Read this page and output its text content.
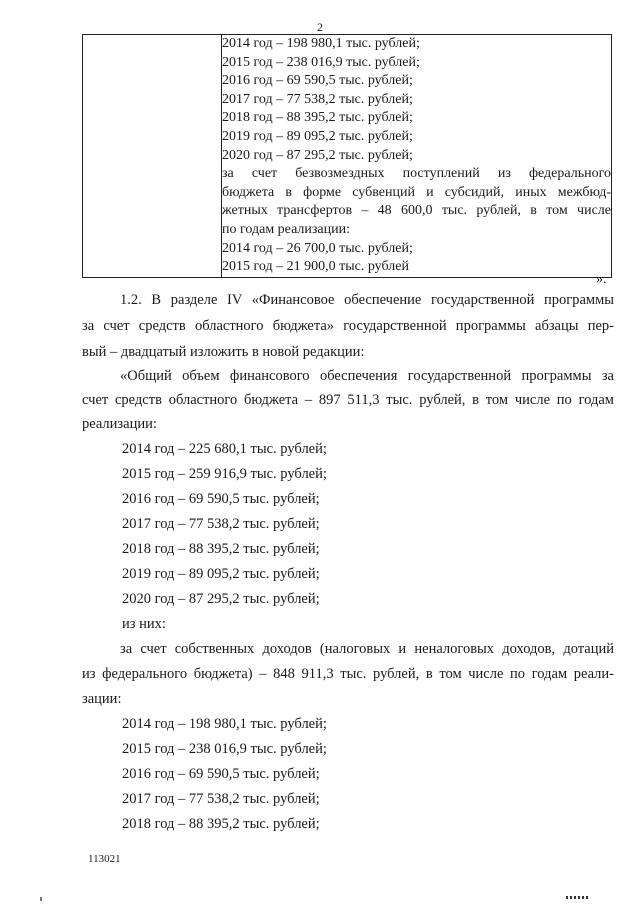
2

2014 год – 198 980,1 тыс. рублей;
2015 год – 238 016,9 тыс. рублей;
2016 год – 69 590,5 тыс. рублей;
2017 год – 77 538,2 тыс. рублей;
2018 год – 88 395,2 тыс. рублей;
2019 год – 89 095,2 тыс. рублей;
2020 год – 87 295,2 тыс. рублей;
за счет безвозмездных поступлений из федерального
бюджета в форме субвенций и субсидий, иных межбюд-
жетных трансфертов – 48 600,0 тыс. рублей, в том числе
по годам реализации:
2014 год – 26 700,0 тыс. рублей;
2015 год – 21 900,0 тыс. рублей
».
1.2. В разделе IV «Финансовое обеспечение государственной программы
за счет средств областного бюджета» государственной программы абзацы пер-
вый – двадцатый изложить в новой редакции:
«Общий объем финансового обеспечения государственной программы за
счет средств областного бюджета – 897 511,3 тыс. рублей, в том числе по годам
реализации:
2014 год – 225 680,1 тыс. рублей;
2015 год – 259 916,9 тыс. рублей;
2016 год – 69 590,5 тыс. рублей;
2017 год – 77 538,2 тыс. рублей;
2018 год – 88 395,2 тыс. рублей;
2019 год – 89 095,2 тыс. рублей;
2020 год – 87 295,2 тыс. рублей;
из них:
за счет собственных доходов (налоговых и неналоговых доходов, дотаций
из федерального бюджета) – 848 911,3 тыс. рублей, в том числе по годам реали-
зации:
2014 год – 198 980,1 тыс. рублей;
2015 год – 238 016,9 тыс. рублей;
2016 год – 69 590,5 тыс. рублей;
2017 год – 77 538,2 тыс. рублей;
2018 год – 88 395,2 тыс. рублей;
113021
